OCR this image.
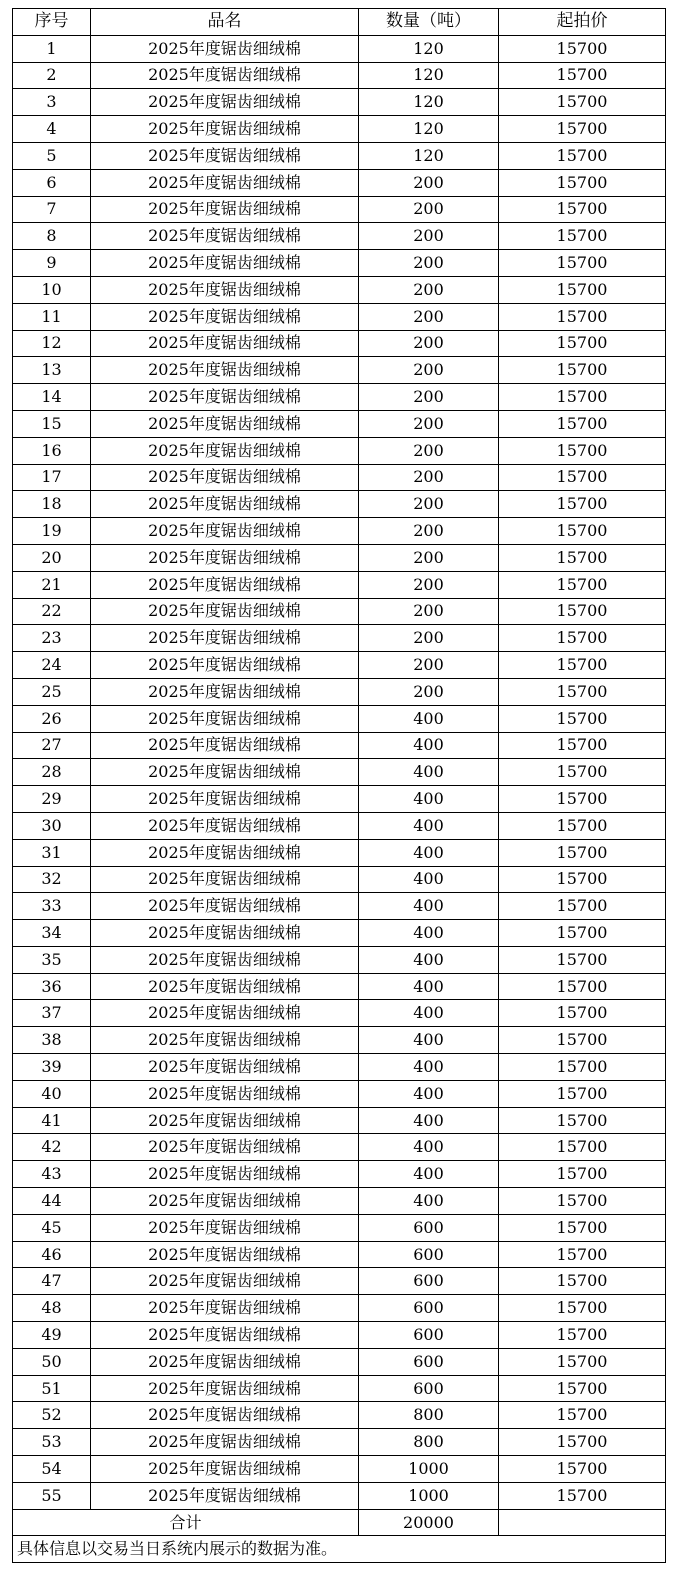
序号	品名	数量（吨）	起拍价
1	2025年度锯齿细绒棉	120	15700
2	2025年度锯齿细绒棉	120	15700
3	2025年度锯齿细绒棉	120	15700
4	2025年度锯齿细绒棉	120	15700
5	2025年度锯齿细绒棉	120	15700
6	2025年度锯齿细绒棉	200	15700
7	2025年度锯齿细绒棉	200	15700
8	2025年度锯齿细绒棉	200	15700
9	2025年度锯齿细绒棉	200	15700
10	2025年度锯齿细绒棉	200	15700
11	2025年度锯齿细绒棉	200	15700
12	2025年度锯齿细绒棉	200	15700
13	2025年度锯齿细绒棉	200	15700
14	2025年度锯齿细绒棉	200	15700
15	2025年度锯齿细绒棉	200	15700
16	2025年度锯齿细绒棉	200	15700
17	2025年度锯齿细绒棉	200	15700
18	2025年度锯齿细绒棉	200	15700
19	2025年度锯齿细绒棉	200	15700
20	2025年度锯齿细绒棉	200	15700
21	2025年度锯齿细绒棉	200	15700
22	2025年度锯齿细绒棉	200	15700
23	2025年度锯齿细绒棉	200	15700
24	2025年度锯齿细绒棉	200	15700
25	2025年度锯齿细绒棉	200	15700
26	2025年度锯齿细绒棉	400	15700
27	2025年度锯齿细绒棉	400	15700
28	2025年度锯齿细绒棉	400	15700
29	2025年度锯齿细绒棉	400	15700
30	2025年度锯齿细绒棉	400	15700
31	2025年度锯齿细绒棉	400	15700
32	2025年度锯齿细绒棉	400	15700
33	2025年度锯齿细绒棉	400	15700
34	2025年度锯齿细绒棉	400	15700
35	2025年度锯齿细绒棉	400	15700
36	2025年度锯齿细绒棉	400	15700
37	2025年度锯齿细绒棉	400	15700
38	2025年度锯齿细绒棉	400	15700
39	2025年度锯齿细绒棉	400	15700
40	2025年度锯齿细绒棉	400	15700
41	2025年度锯齿细绒棉	400	15700
42	2025年度锯齿细绒棉	400	15700
43	2025年度锯齿细绒棉	400	15700
44	2025年度锯齿细绒棉	400	15700
45	2025年度锯齿细绒棉	600	15700
46	2025年度锯齿细绒棉	600	15700
47	2025年度锯齿细绒棉	600	15700
48	2025年度锯齿细绒棉	600	15700
49	2025年度锯齿细绒棉	600	15700
50	2025年度锯齿细绒棉	600	15700
51	2025年度锯齿细绒棉	600	15700
52	2025年度锯齿细绒棉	800	15700
53	2025年度锯齿细绒棉	800	15700
54	2025年度锯齿细绒棉	1000	15700
55	2025年度锯齿细绒棉	1000	15700
合计		20000	
具体信息以交易当日系统内展示的数据为准。			
